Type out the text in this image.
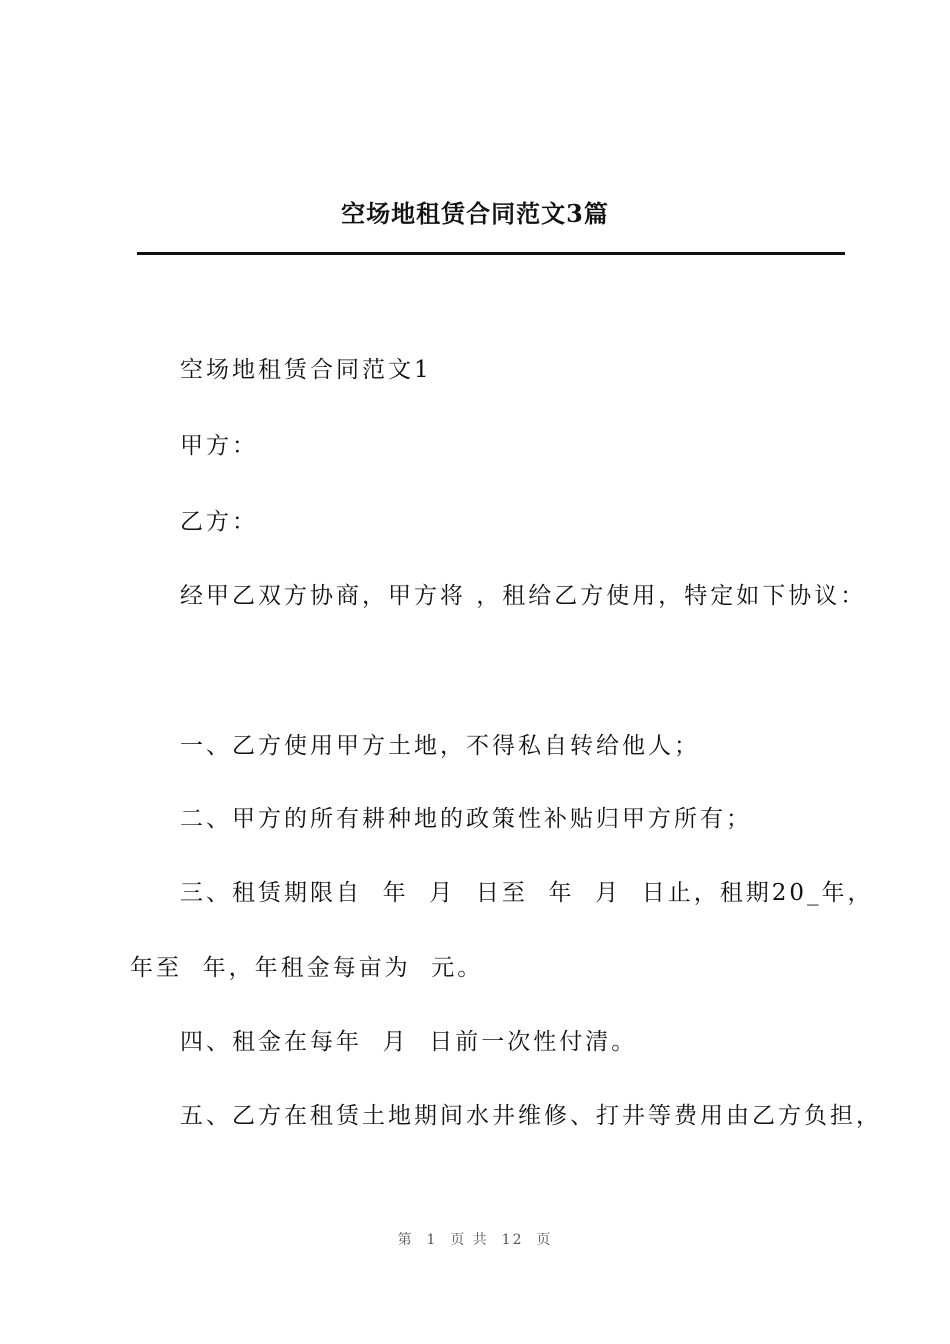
空场地租赁合同范文3篇

空场地租赁合同范文1

甲方：

乙方：

经甲乙双方协商，甲方将 ，租给乙方使用，特定如下协议：

一、乙方使用甲方土地，不得私自转给他人；

二、甲方的所有耕种地的政策性补贴归甲方所有；

三、租赁期限自  年  月  日至  年  月  日止，租期20_年，

年至  年，年租金每亩为  元。

四、租金在每年  月  日前一次性付清。

五、乙方在租赁土地期间水井维修、打井等费用由乙方负担，

第  1  页 共  12  页
